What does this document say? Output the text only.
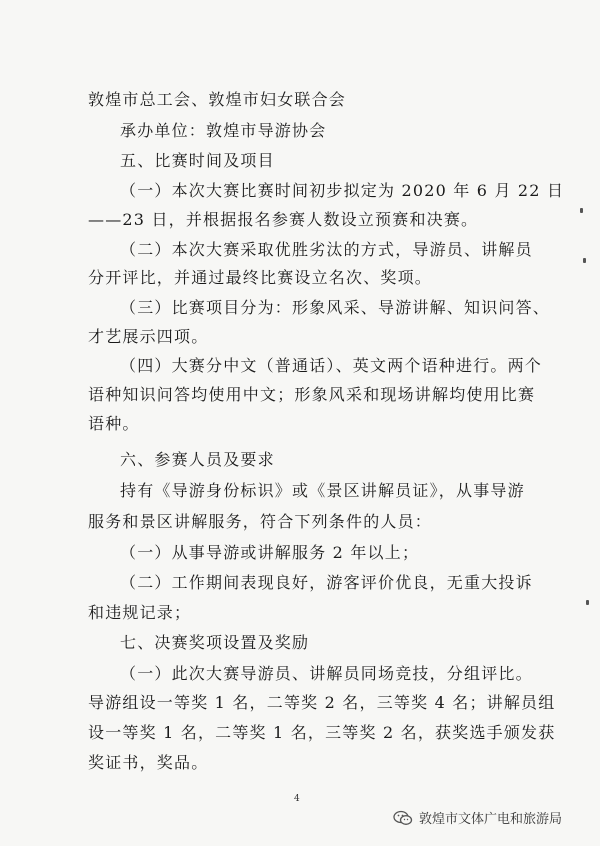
敦煌市总工会、敦煌市妇女联合会
承办单位：敦煌市导游协会
五、比赛时间及项目
（一）本次大赛比赛时间初步拟定为 2020 年 6 月 22 日
——23 日，并根据报名参赛人数设立预赛和决赛。
（二）本次大赛采取优胜劣汰的方式，导游员、讲解员
分开评比，并通过最终比赛设立名次、奖项。
（三）比赛项目分为：形象风采、导游讲解、知识问答、
才艺展示四项。
（四）大赛分中文（普通话）、英文两个语种进行。两个
语种知识问答均使用中文；形象风采和现场讲解均使用比赛
语种。
六、参赛人员及要求
持有《导游身份标识》或《景区讲解员证》，从事导游
服务和景区讲解服务，符合下列条件的人员：
（一）从事导游或讲解服务 2 年以上；
（二）工作期间表现良好，游客评价优良，无重大投诉
和违规记录；
七、决赛奖项设置及奖励
（一）此次大赛导游员、讲解员同场竞技，分组评比。
导游组设一等奖 1 名，二等奖 2 名，三等奖 4 名；讲解员组
设一等奖 1 名，二等奖 1 名，三等奖 2 名，获奖选手颁发获
奖证书，奖品。
4
敦煌市文体广电和旅游局
